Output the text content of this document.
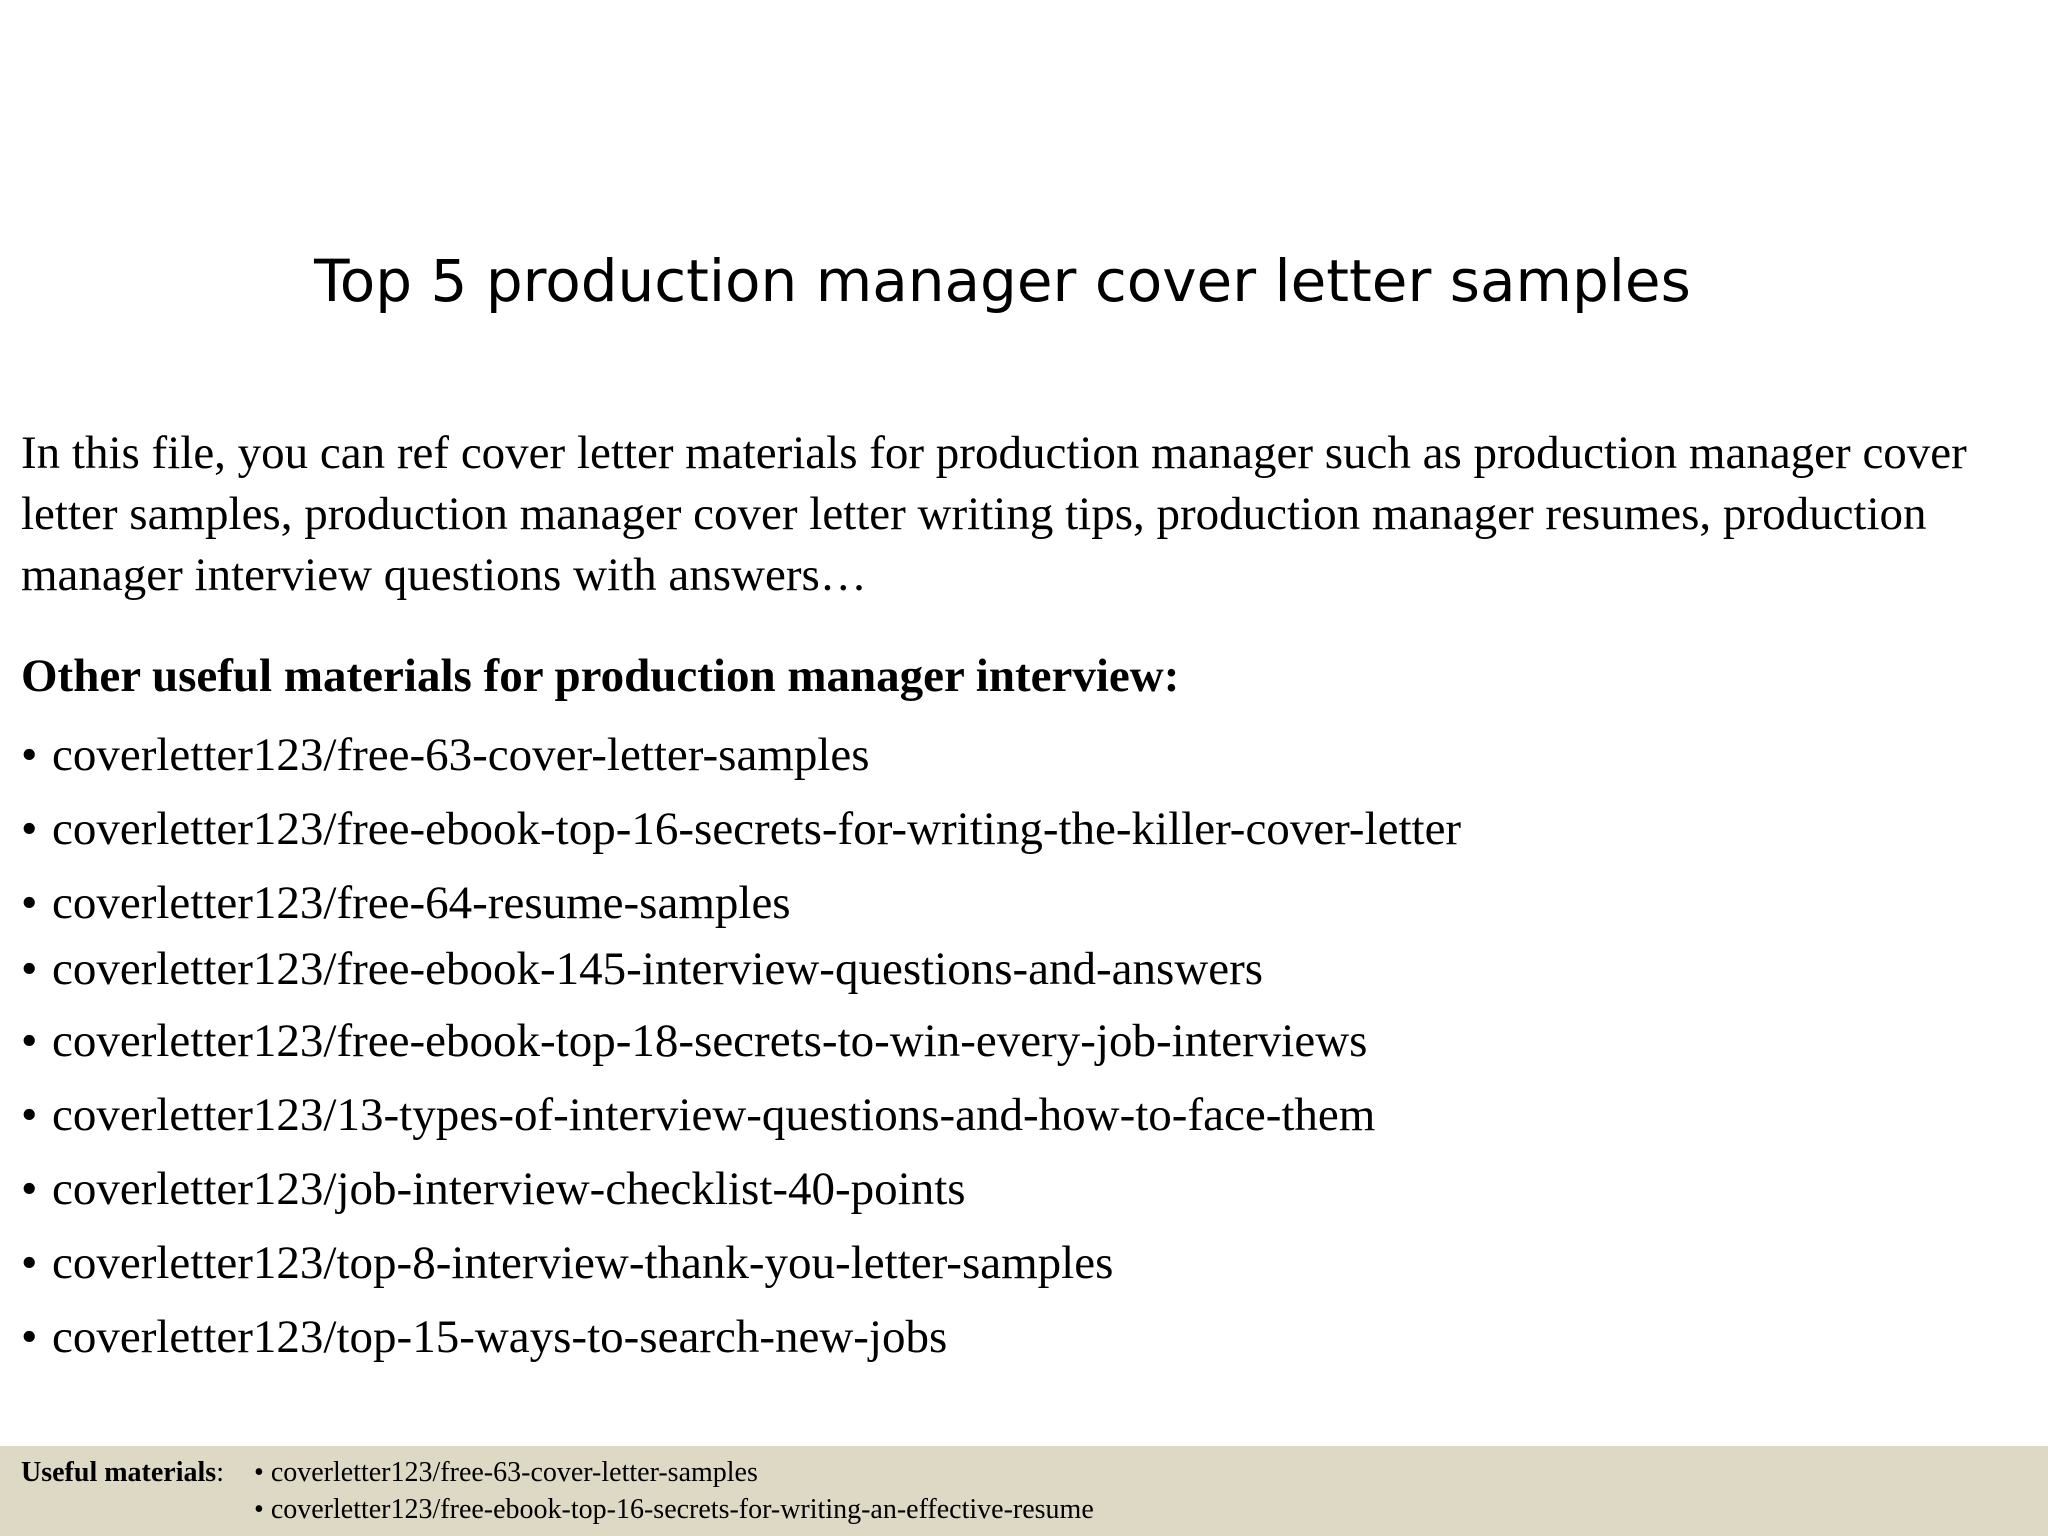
Top 5 production manager cover letter samples

In this file, you can ref cover letter materials for production manager such as production manager cover letter samples, production manager cover letter writing tips, production manager resumes, production manager interview questions with answers…

Other useful materials for production manager interview:
• coverletter123/free-63-cover-letter-samples
• coverletter123/free-ebook-top-16-secrets-for-writing-the-killer-cover-letter
• coverletter123/free-64-resume-samples
• coverletter123/free-ebook-145-interview-questions-and-answers
• coverletter123/free-ebook-top-18-secrets-to-win-every-job-interviews
• coverletter123/13-types-of-interview-questions-and-how-to-face-them
• coverletter123/job-interview-checklist-40-points
• coverletter123/top-8-interview-thank-you-letter-samples
• coverletter123/top-15-ways-to-search-new-jobs
Useful materials: • coverletter123/free-63-cover-letter-samples
• coverletter123/free-ebook-top-16-secrets-for-writing-an-effective-resume
